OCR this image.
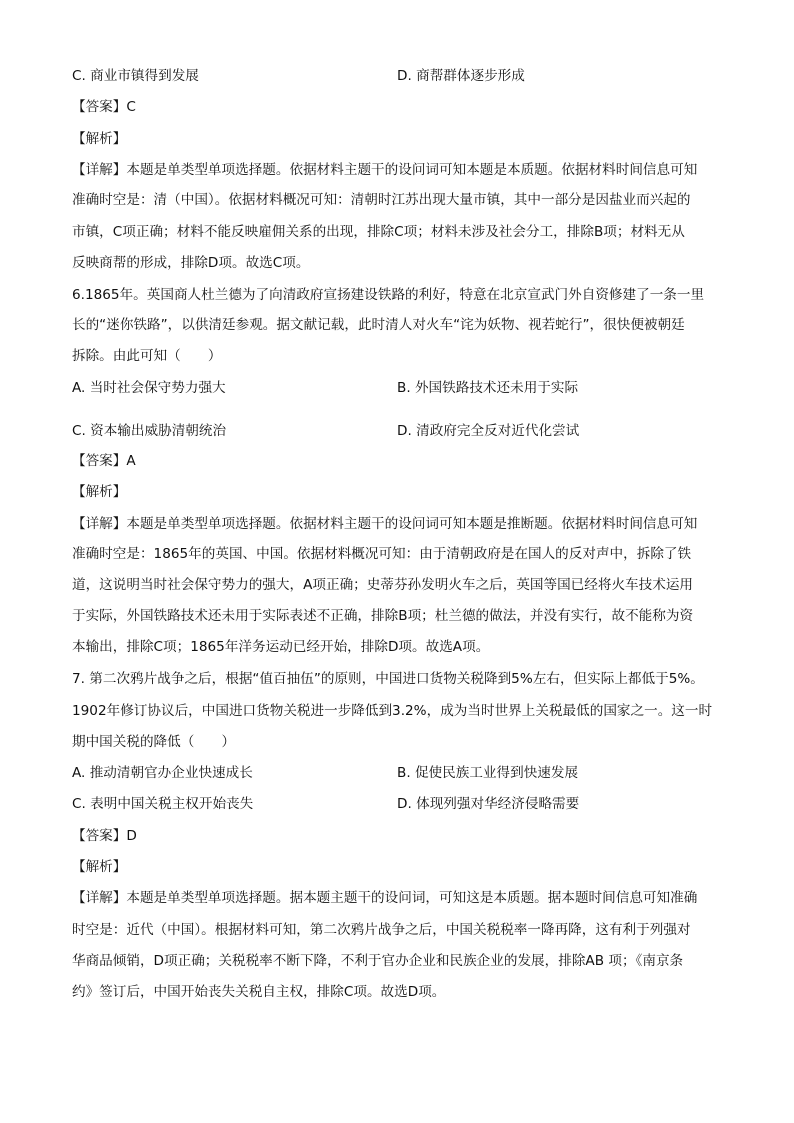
C. 商业市镇得到发展	D. 商帮群体逐步形成
【答案】C
【解析】
【详解】本题是单类型单项选择题。依据材料主题干的设问词可知本题是本质题。依据材料时间信息可知
准确时空是：清（中国）。依据材料概况可知：清朝时江苏出现大量市镇，其中一部分是因盐业而兴起的
市镇，C项正确；材料不能反映雇佣关系的出现，排除C项；材料未涉及社会分工，排除B项；材料无从
反映商帮的形成，排除D项。故选C项。
6.1865年。英国商人杜兰德为了向清政府宣扬建设铁路的利好，特意在北京宣武门外自资修建了一条一里
长的“迷你铁路”，以供清廷参观。据文献记载，此时清人对火车“诧为妖物、视若蛇行”，很快便被朝廷
拆除。由此可知（　　）
A. 当时社会保守势力强大	B. 外国铁路技术还未用于实际
C. 资本输出威胁清朝统治	D. 清政府完全反对近代化尝试
【答案】A
【解析】
【详解】本题是单类型单项选择题。依据材料主题干的设问词可知本题是推断题。依据材料时间信息可知
准确时空是：1865年的英国、中国。依据材料概况可知：由于清朝政府是在国人的反对声中，拆除了铁
道，这说明当时社会保守势力的强大，A项正确；史蒂芬孙发明火车之后，英国等国已经将火车技术运用
于实际，外国铁路技术还未用于实际表述不正确，排除B项；杜兰德的做法，并没有实行，故不能称为资
本输出，排除C项；1865年洋务运动已经开始，排除D项。故选A项。
7. 第二次鸦片战争之后，根据“值百抽伍”的原则，中国进口货物关税降到5%左右，但实际上都低于5%。
1902年修订协议后，中国进口货物关税进一步降低到3.2%，成为当时世界上关税最低的国家之一。这一时
期中国关税的降低（　　）
A. 推动清朝官办企业快速成长	B. 促使民族工业得到快速发展
C. 表明中国关税主权开始丧失	D. 体现列强对华经济侵略需要
【答案】D
【解析】
【详解】本题是单类型单项选择题。据本题主题干的设问词，可知这是本质题。据本题时间信息可知准确
时空是：近代（中国）。根据材料可知，第二次鸦片战争之后，中国关税税率一降再降，这有利于列强对
华商品倾销，D项正确；关税税率不断下降，不利于官办企业和民族企业的发展，排除AB 项；《南京条
约》签订后，中国开始丧失关税自主权，排除C项。故选D项。
